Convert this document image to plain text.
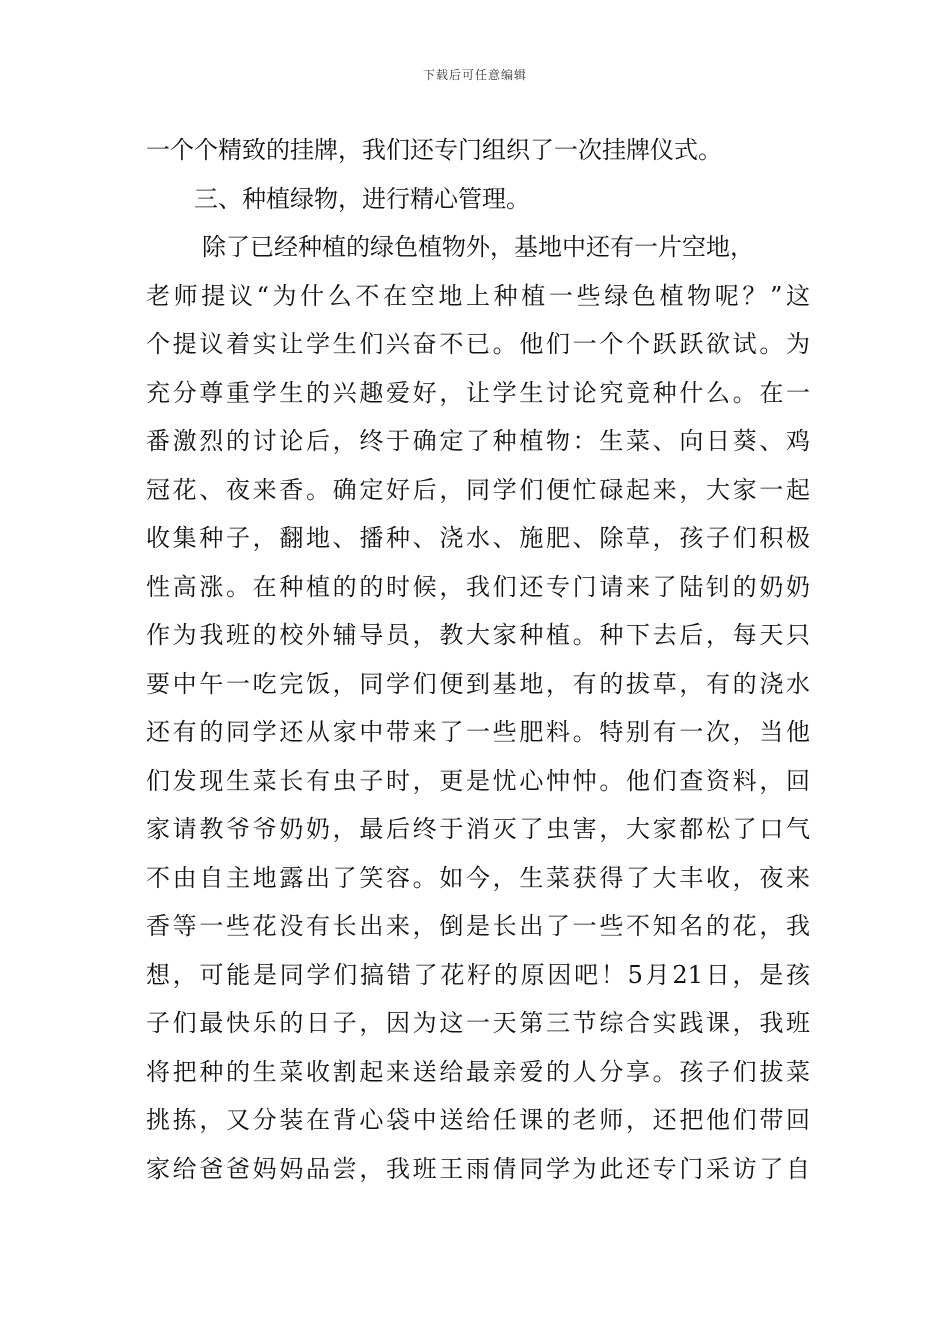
下载后可任意编辑
一个个精致的挂牌，我们还专门组织了一次挂牌仪式。
三、种植绿物，进行精心管理。
除了已经种植的绿色植物外，基地中还有一片空地，
老师提议“为什么不在空地上种植一些绿色植物呢？”这
个提议着实让学生们兴奋不已。他们一个个跃跃欲试。为
充分尊重学生的兴趣爱好，让学生讨论究竟种什么。在一
番激烈的讨论后，终于确定了种植物：生菜、向日葵、鸡
冠花、夜来香。确定好后，同学们便忙碌起来，大家一起
收集种子，翻地、播种、浇水、施肥、除草，孩子们积极
性高涨。在种植的的时候，我们还专门请来了陆钊的奶奶
作为我班的校外辅导员，教大家种植。种下去后，每天只
要中午一吃完饭，同学们便到基地，有的拔草，有的浇水
还有的同学还从家中带来了一些肥料。特别有一次，当他
们发现生菜长有虫子时，更是忧心忡忡。他们查资料，回
家请教爷爷奶奶，最后终于消灭了虫害，大家都松了口气
不由自主地露出了笑容。如今，生菜获得了大丰收，夜来
香等一些花没有长出来，倒是长出了一些不知名的花，我
想，可能是同学们搞错了花籽的原因吧！5月21日，是孩
子们最快乐的日子，因为这一天第三节综合实践课，我班
将把种的生菜收割起来送给最亲爱的人分享。孩子们拔菜
挑拣，又分装在背心袋中送给任课的老师，还把他们带回
家给爸爸妈妈品尝，我班王雨倩同学为此还专门采访了自
